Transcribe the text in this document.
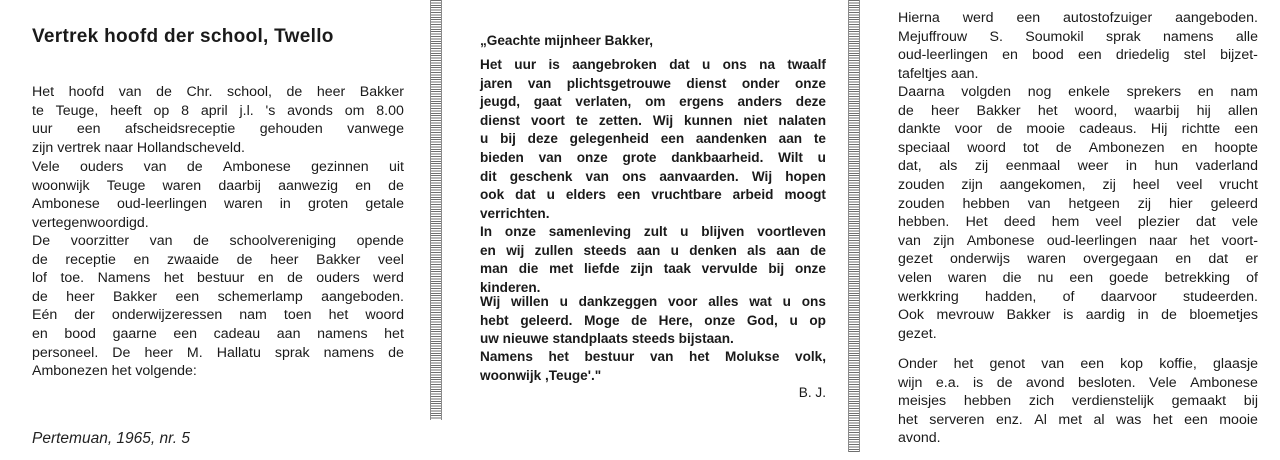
Vertrek hoofd der school, Twello
Het hoofd van de Chr. school, de heer Bakker
te Teuge, heeft op 8 april j.l. 's avonds om 8.00
uur een afscheidsreceptie gehouden vanwege
zijn vertrek naar Hollandscheveld.
Vele ouders van de Ambonese gezinnen uit
woonwijk Teuge waren daarbij aanwezig en de
Ambonese oud-leerlingen waren in groten getale
vertegenwoordigd.
De voorzitter van de schoolvereniging opende
de receptie en zwaaide de heer Bakker veel
lof toe. Namens het bestuur en de ouders werd
de heer Bakker een schemerlamp aangeboden.
Eén der onderwijzeressen nam toen het woord
en bood gaarne een cadeau aan namens het
personeel. De heer M. Hallatu sprak namens de
Ambonezen het volgende:
Pertemuan, 1965, nr. 5
„Geachte mijnheer Bakker,
Het uur is aangebroken dat u ons na twaalf
jaren van plichtsgetrouwe dienst onder onze
jeugd, gaat verlaten, om ergens anders deze
dienst voort te zetten. Wij kunnen niet nalaten
u bij deze gelegenheid een aandenken aan te
bieden van onze grote dankbaarheid. Wilt u
dit geschenk van ons aanvaarden. Wij hopen
ook dat u elders een vruchtbare arbeid moogt
verrichten.
In onze samenleving zult u blijven voortleven
en wij zullen steeds aan u denken als aan de
man die met liefde zijn taak vervulde bij onze
kinderen.
Wij willen u dankzeggen voor alles wat u ons
hebt geleerd. Moge de Here, onze God, u op
uw nieuwe standplaats steeds bijstaan.
Namens het bestuur van het Molukse volk,
woonwijk ,Teuge'."
B. J.
Hierna werd een autostofzuiger aangeboden.
Mejuffrouw S. Soumokil sprak namens alle
oud-leerlingen en bood een driedelig stel bijzet-
tafeltjes aan.
Daarna volgden nog enkele sprekers en nam
de heer Bakker het woord, waarbij hij allen
dankte voor de mooie cadeaus. Hij richtte een
speciaal woord tot de Ambonezen en hoopte
dat, als zij eenmaal weer in hun vaderland
zouden zijn aangekomen, zij heel veel vrucht
zouden hebben van hetgeen zij hier geleerd
hebben. Het deed hem veel plezier dat vele
van zijn Ambonese oud-leerlingen naar het voort-
gezet onderwijs waren overgegaan en dat er
velen waren die nu een goede betrekking of
werkkring hadden, of daarvoor studeerden.
Ook mevrouw Bakker is aardig in de bloemetjes
gezet.
Onder het genot van een kop koffie, glaasje
wijn e.a. is de avond besloten. Vele Ambonese
meisjes hebben zich verdienstelijk gemaakt bij
het serveren enz. Al met al was het een mooie
avond.
